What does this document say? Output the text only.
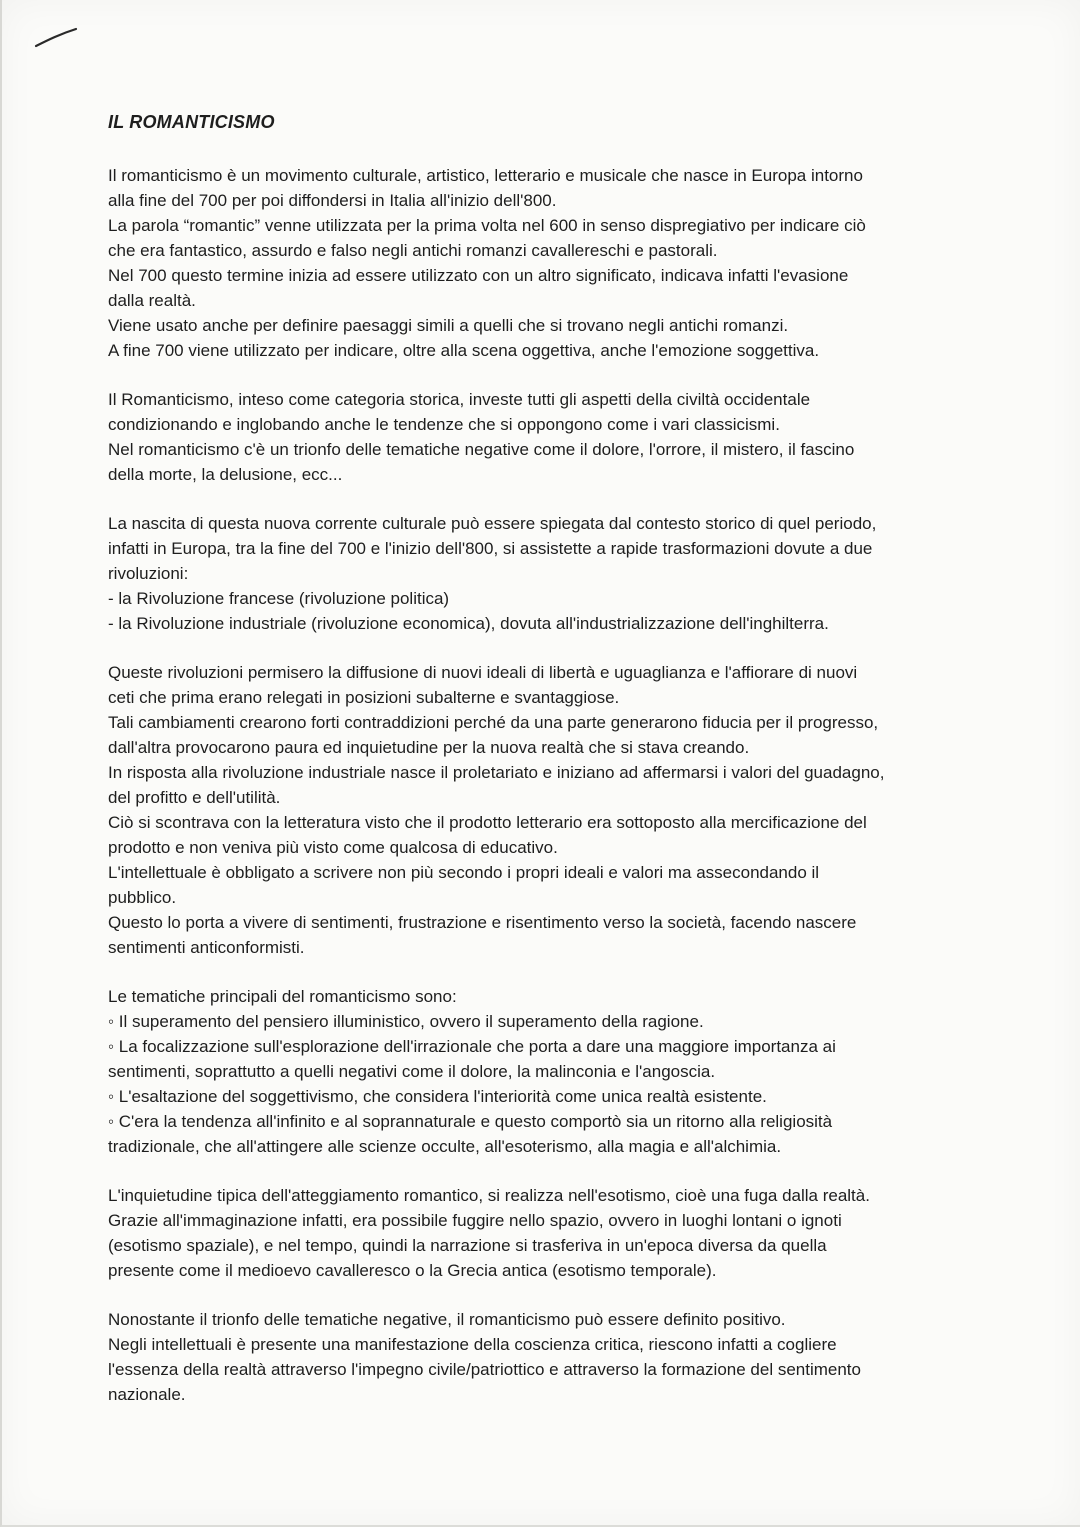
IL ROMANTICISMO
Il romanticismo è un movimento culturale, artistico, letterario e musicale che nasce in Europa intorno
alla fine del 700 per poi diffondersi in Italia all'inizio dell'800.
La parola “romantic” venne utilizzata per la prima volta nel 600 in senso dispregiativo per indicare ciò
che era fantastico, assurdo e falso negli antichi romanzi cavallereschi e pastorali.
Nel 700 questo termine inizia ad essere utilizzato con un altro significato, indicava infatti l'evasione
dalla realtà.
Viene usato anche per definire paesaggi simili a quelli che si trovano negli antichi romanzi.
A fine 700 viene utilizzato per indicare, oltre alla scena oggettiva, anche l'emozione soggettiva.
Il Romanticismo, inteso come categoria storica, investe tutti gli aspetti della civiltà occidentale
condizionando e inglobando anche le tendenze che si oppongono come i vari classicismi.
Nel romanticismo c'è un trionfo delle tematiche negative come il dolore, l'orrore, il mistero, il fascino
della morte, la delusione, ecc...
La nascita di questa nuova corrente culturale può essere spiegata dal contesto storico di quel periodo,
infatti in Europa, tra la fine del 700 e l'inizio dell'800, si assistette a rapide trasformazioni dovute a due
rivoluzioni:
- la Rivoluzione francese (rivoluzione politica)
- la Rivoluzione industriale (rivoluzione economica), dovuta all'industrializzazione dell'inghilterra.
Queste rivoluzioni permisero la diffusione di nuovi ideali di libertà e uguaglianza e l'affiorare di nuovi
ceti che prima erano relegati in posizioni subalterne e svantaggiose.
Tali cambiamenti crearono forti contraddizioni perché da una parte generarono fiducia per il progresso,
dall'altra provocarono paura ed inquietudine per la nuova realtà che si stava creando.
In risposta alla rivoluzione industriale nasce il proletariato e iniziano ad affermarsi i valori del guadagno,
del profitto e dell'utilità.
Ciò si scontrava con la letteratura visto che il prodotto letterario era sottoposto alla mercificazione del
prodotto e non veniva più visto come qualcosa di educativo.
L'intellettuale è obbligato a scrivere non più secondo i propri ideali e valori ma assecondando il
pubblico.
Questo lo porta a vivere di sentimenti, frustrazione e risentimento verso la società, facendo nascere
sentimenti anticonformisti.
Le tematiche principali del romanticismo sono:
◦ Il superamento del pensiero illuministico, ovvero il superamento della ragione.
◦ La focalizzazione sull'esplorazione dell'irrazionale che porta a dare una maggiore importanza ai
sentimenti, soprattutto a quelli negativi come il dolore, la malinconia e l'angoscia.
◦ L'esaltazione del soggettivismo, che considera l'interiorità come unica realtà esistente.
◦ C'era la tendenza all'infinito e al soprannaturale e questo comportò sia un ritorno alla religiosità
tradizionale, che all'attingere alle scienze occulte, all'esoterismo, alla magia e all'alchimia.
L'inquietudine tipica dell'atteggiamento romantico, si realizza nell'esotismo, cioè una fuga dalla realtà.
Grazie all'immaginazione infatti, era possibile fuggire nello spazio, ovvero in luoghi lontani o ignoti
(esotismo spaziale), e nel tempo, quindi la narrazione si trasferiva in un'epoca diversa da quella
presente come il medioevo cavalleresco o la Grecia antica (esotismo temporale).
Nonostante il trionfo delle tematiche negative, il romanticismo può essere definito positivo.
Negli intellettuali è presente una manifestazione della coscienza critica, riescono infatti a cogliere
l'essenza della realtà attraverso l'impegno civile/patriottico e attraverso la formazione del sentimento
nazionale.
